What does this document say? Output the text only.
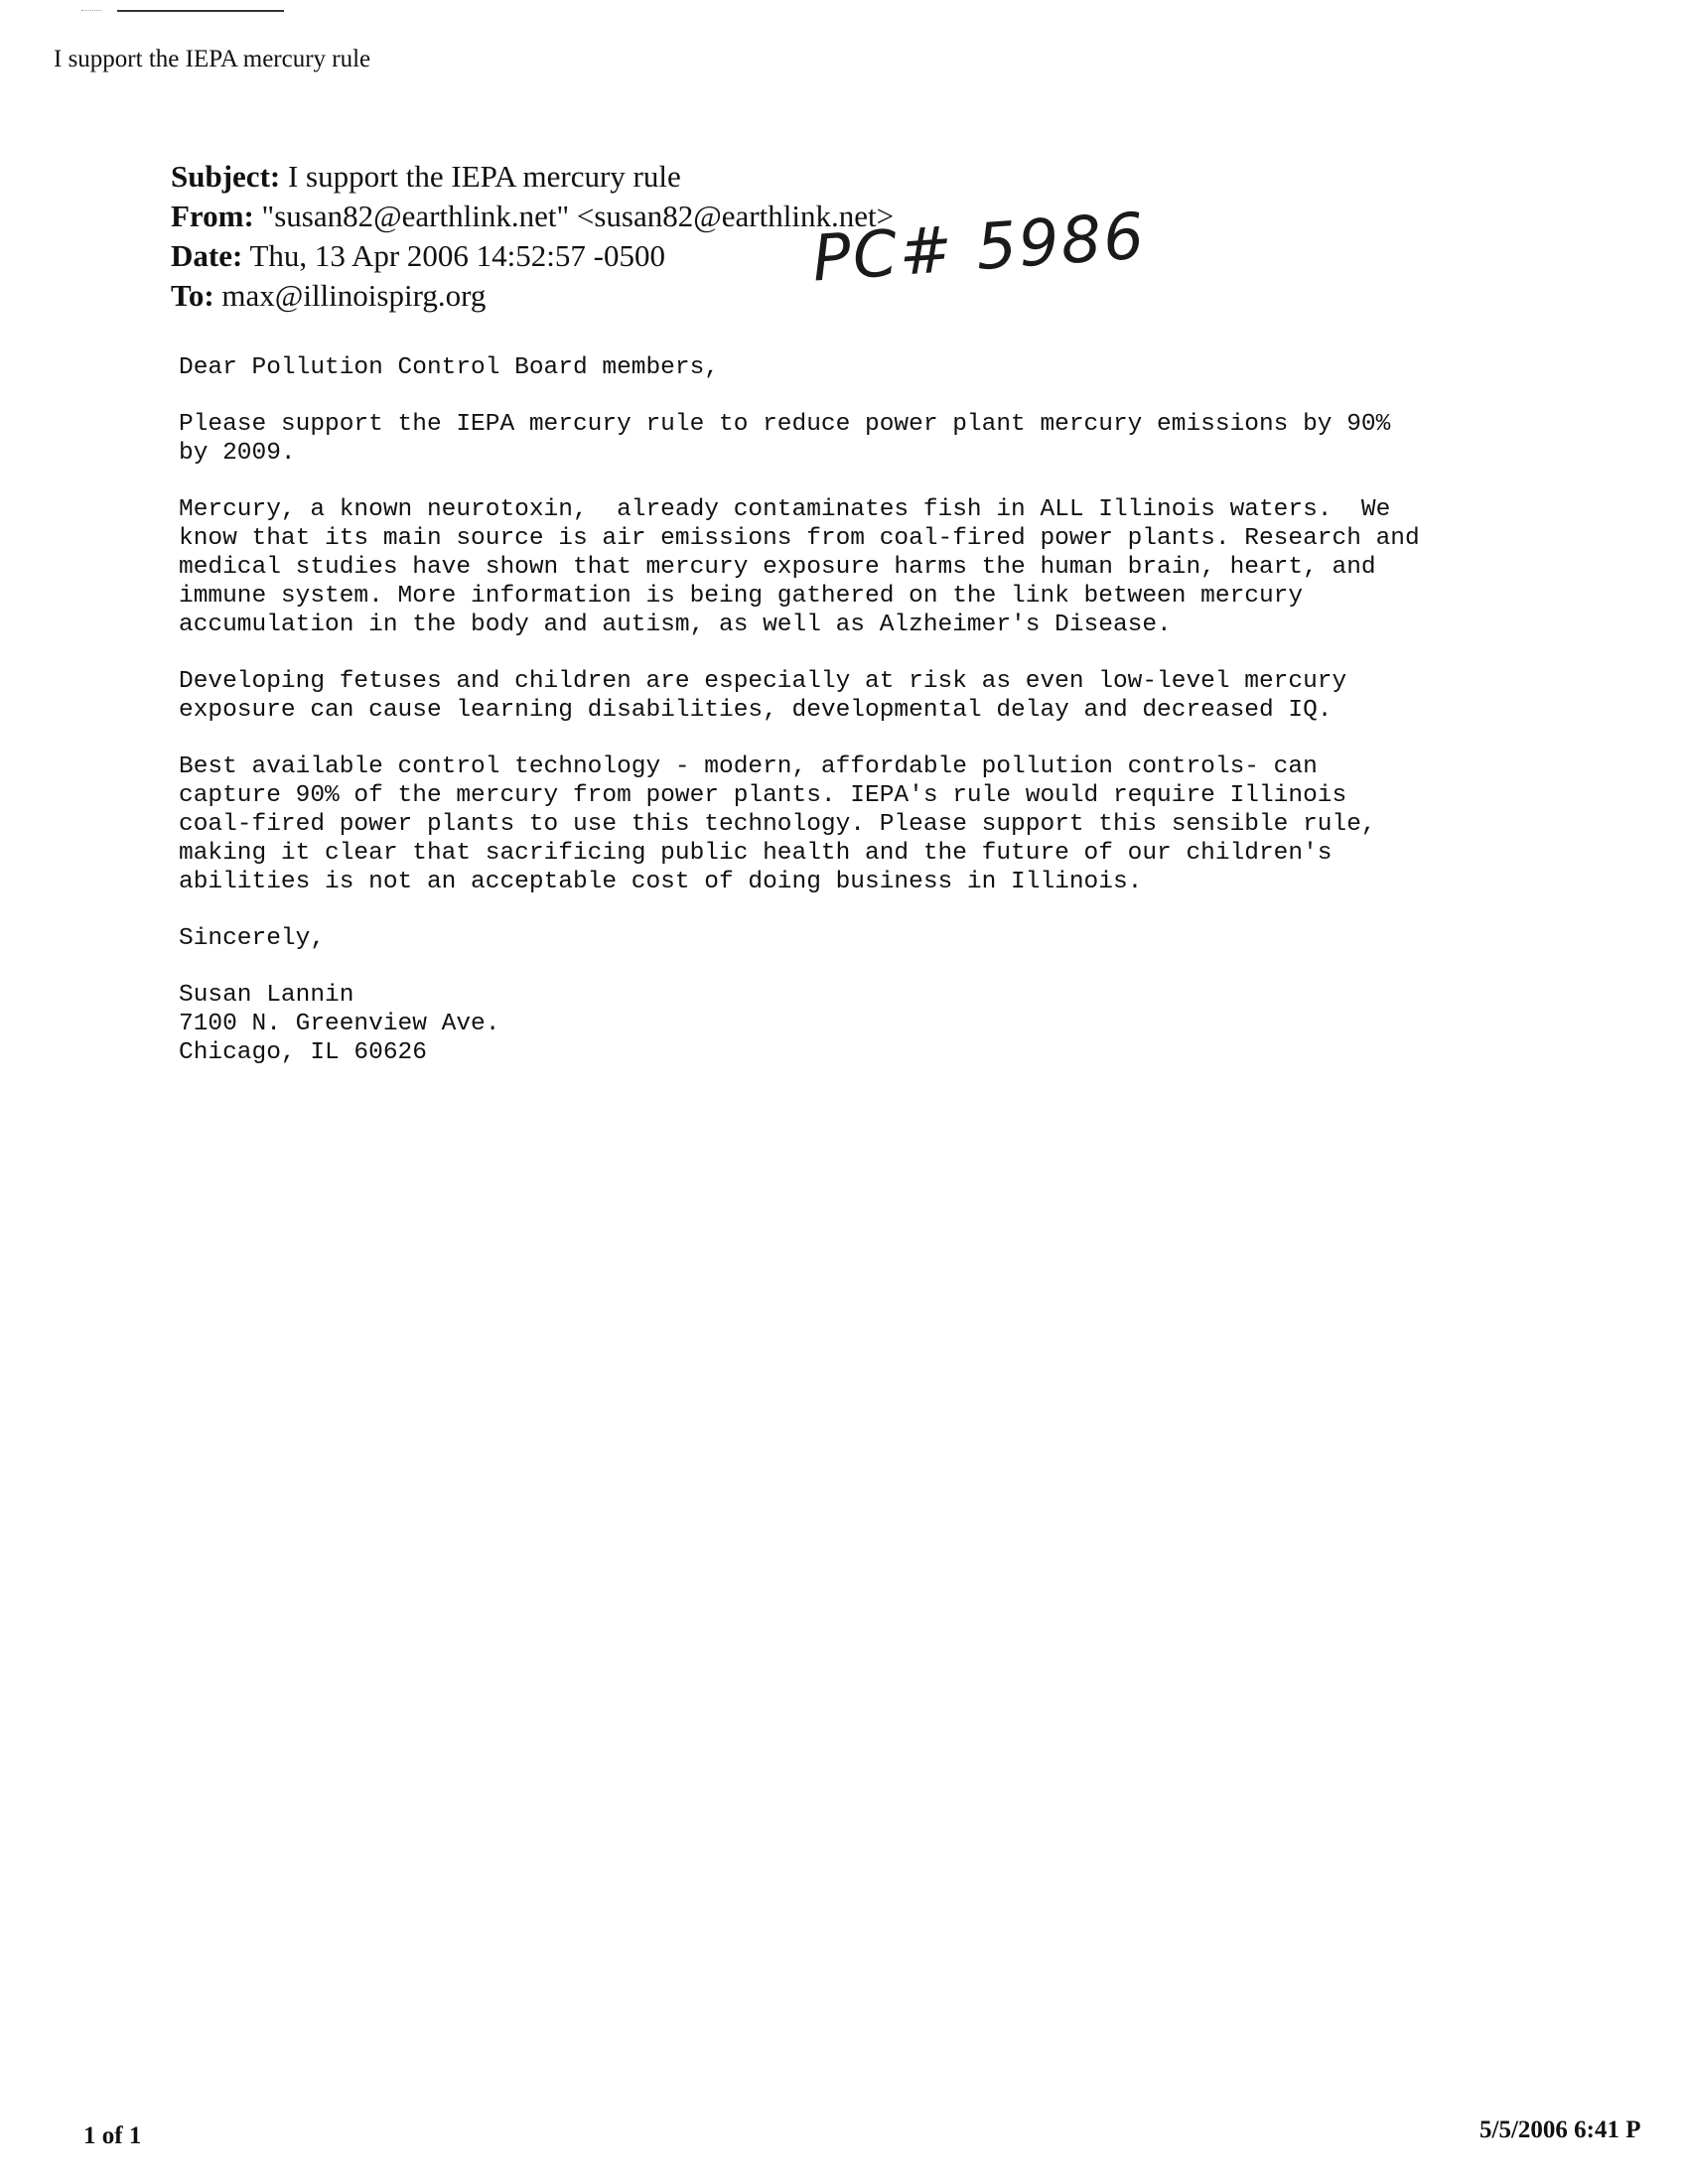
I support the IEPA mercury rule
Subject: I support the IEPA mercury rule
From: "susan82@earthlink.net" <susan82@earthlink.net>
Date: Thu, 13 Apr 2006 14:52:57 -0500
To: max@illinoispirg.org	PC# 5986

Dear Pollution Control Board members,

Please support the IEPA mercury rule to reduce power plant mercury emissions by 90%
by 2009.

Mercury, a known neurotoxin,  already contaminates fish in ALL Illinois waters.  We
know that its main source is air emissions from coal-fired power plants. Research and
medical studies have shown that mercury exposure harms the human brain, heart, and
immune system. More information is being gathered on the link between mercury
accumulation in the body and autism, as well as Alzheimer's Disease.

Developing fetuses and children are especially at risk as even low-level mercury
exposure can cause learning disabilities, developmental delay and decreased IQ.

Best available control technology - modern, affordable pollution controls- can
capture 90% of the mercury from power plants. IEPA's rule would require Illinois
coal-fired power plants to use this technology. Please support this sensible rule,
making it clear that sacrificing public health and the future of our children's
abilities is not an acceptable cost of doing business in Illinois.

Sincerely,

Susan Lannin

7100 N. Greenview Ave.

Chicago, IL 60626

1 of 1	5/5/2006 6:41 P
